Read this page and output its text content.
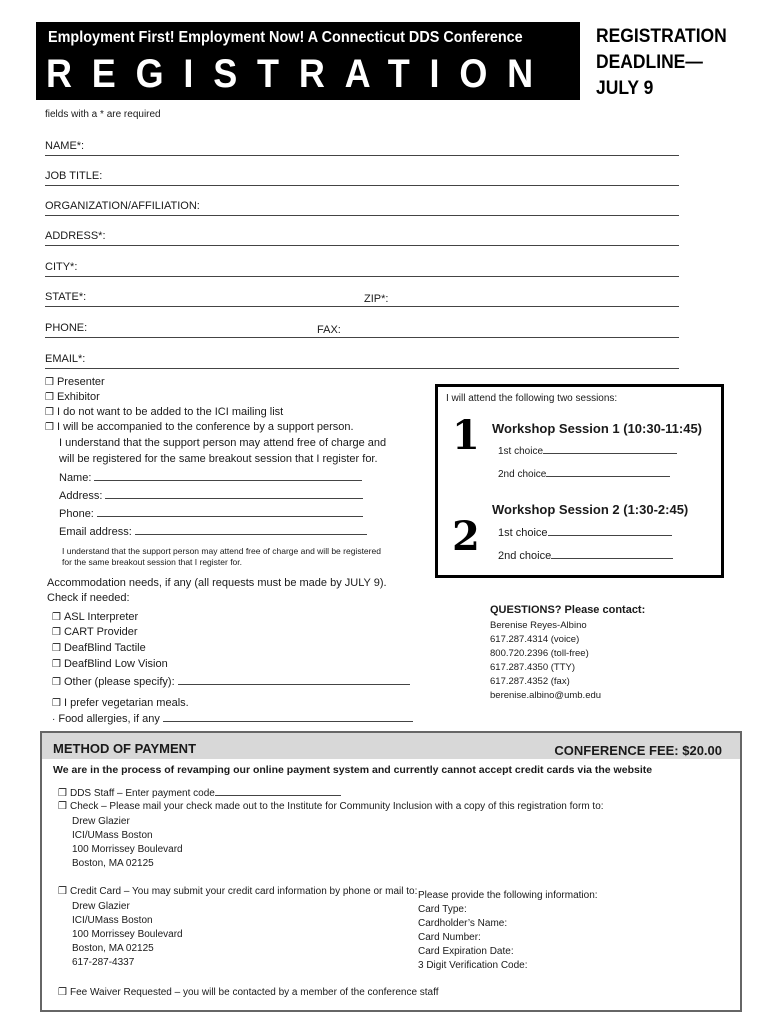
Employment First! Employment Now! A Connecticut DDS Conference
REGISTRATION
REGISTRATION
DEADLINE—
JULY 9
fields with a * are required
NAME*:
JOB TITLE:
ORGANIZATION/AFFILIATION:
ADDRESS*:
CITY*:
STATE*:	ZIP*:
PHONE:	FAX:
EMAIL*:
❒ Presenter
❒ Exhibitor
❒ I do not want to be added to the ICI mailing list
❒ I will be accompanied to the conference by a support person.
I understand that the support person may attend free of charge and
will be registered for the same breakout session that I register for.
Name:
Address:
Phone:
Email address:
I understand that the support person may attend free of charge and will be registered
for the same breakout session that I register for.
Accommodation needs, if any (all requests must be made by JULY 9).
Check if needed:
❒ ASL Interpreter
❒ CART Provider
❒ DeafBlind Tactile
❒ DeafBlind Low Vision
❒ Other (please specify):
❒ I prefer vegetarian meals.
· Food allergies, if any
I will attend the following two sessions:
1 Workshop Session 1 (10:30-11:45)
1st choice
2nd choice
2
Workshop Session 2 (1:30-2:45)
1st choice
2nd choice
QUESTIONS? Please contact:
Berenise Reyes-Albino
617.287.4314 (voice)
800.720.2396 (toll-free)
617.287.4350 (TTY)
617.287.4352 (fax)
berenise.albino@umb.edu
METHOD OF PAYMENT	CONFERENCE FEE: $20.00
We are in the process of revamping our online payment system and currently cannot accept credit cards via the website
❒ DDS Staff – Enter payment code
❒ Check – Please mail your check made out to the Institute for Community Inclusion with a copy of this registration form to:
Drew Glazier
ICI/UMass Boston
100 Morrissey Boulevard
Boston, MA 02125
❒ Credit Card – You may submit your credit card information by phone or mail to:
Drew Glazier
ICI/UMass Boston
100 Morrissey Boulevard
Boston, MA 02125
617-287-4337
Please provide the following information:
Card Type:
Cardholder’s Name:
Card Number:
Card Expiration Date:
3 Digit Verification Code:
❒ Fee Waiver Requested – you will be contacted by a member of the conference staff
